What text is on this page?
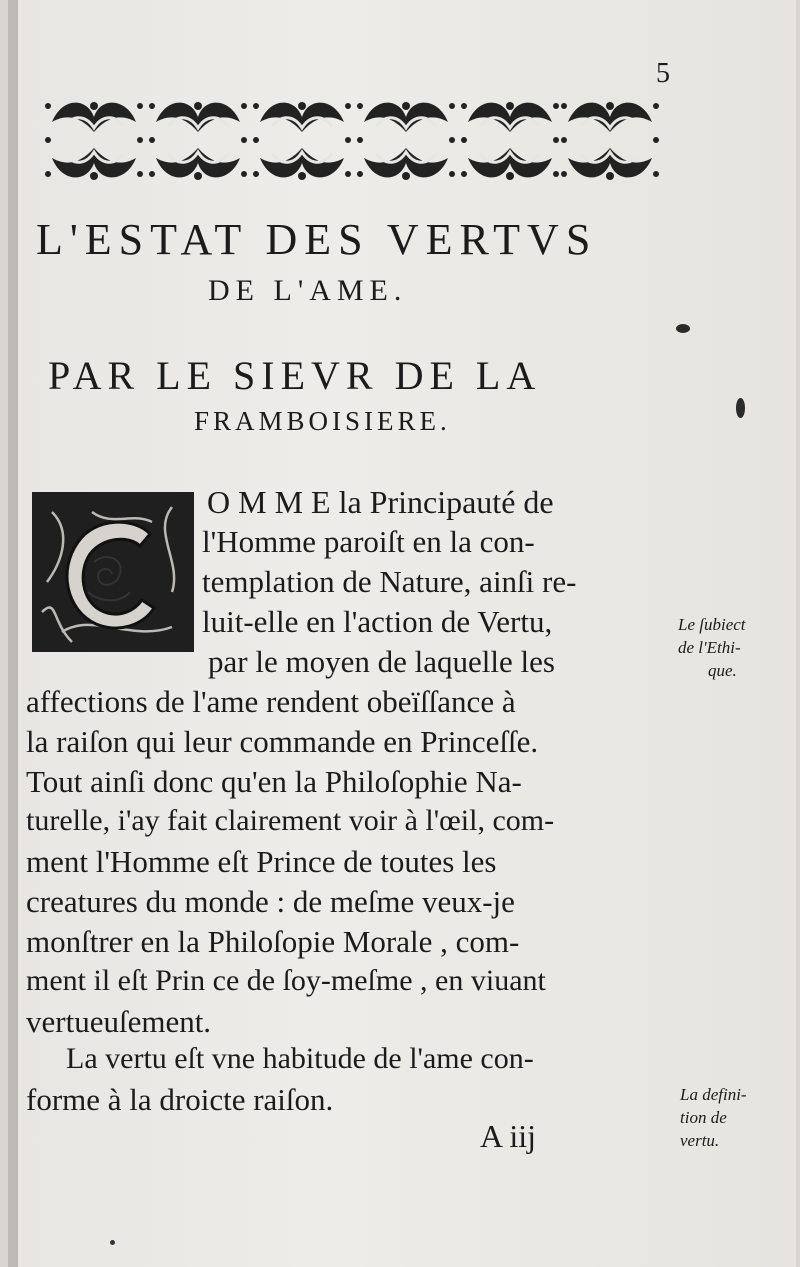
5
L'ESTAT DES VERTVS
DE L'AME.
PAR LE SIEVR DE LA
FRAMBOISIERE.
O M M E la Principauté de
l'Homme paroiſt en la con-
templation de Nature, ainſi re-
luit-elle en l'action de Vertu,
par le moyen de laquelle les
affections de l'ame rendent obeïſſance à
la raiſon qui leur commande en Princeſſe.
Tout ainſi donc qu'en la Philoſophie Na-
turelle, i'ay fait clairement voir à l'œil, com-
ment l'Homme eſt Prince de toutes les
creatures du monde : de meſme veux-je
monſtrer en la Philoſopie Morale , com-
ment il eſt Prin ce de ſoy-meſme , en viuant
vertueuſement.
La vertu eſt vne habitude de l'ame con-
forme à la droicte raiſon.
Le ſubiect
de l'Ethi-
que.
La defini-
tion de
vertu.
A iij
